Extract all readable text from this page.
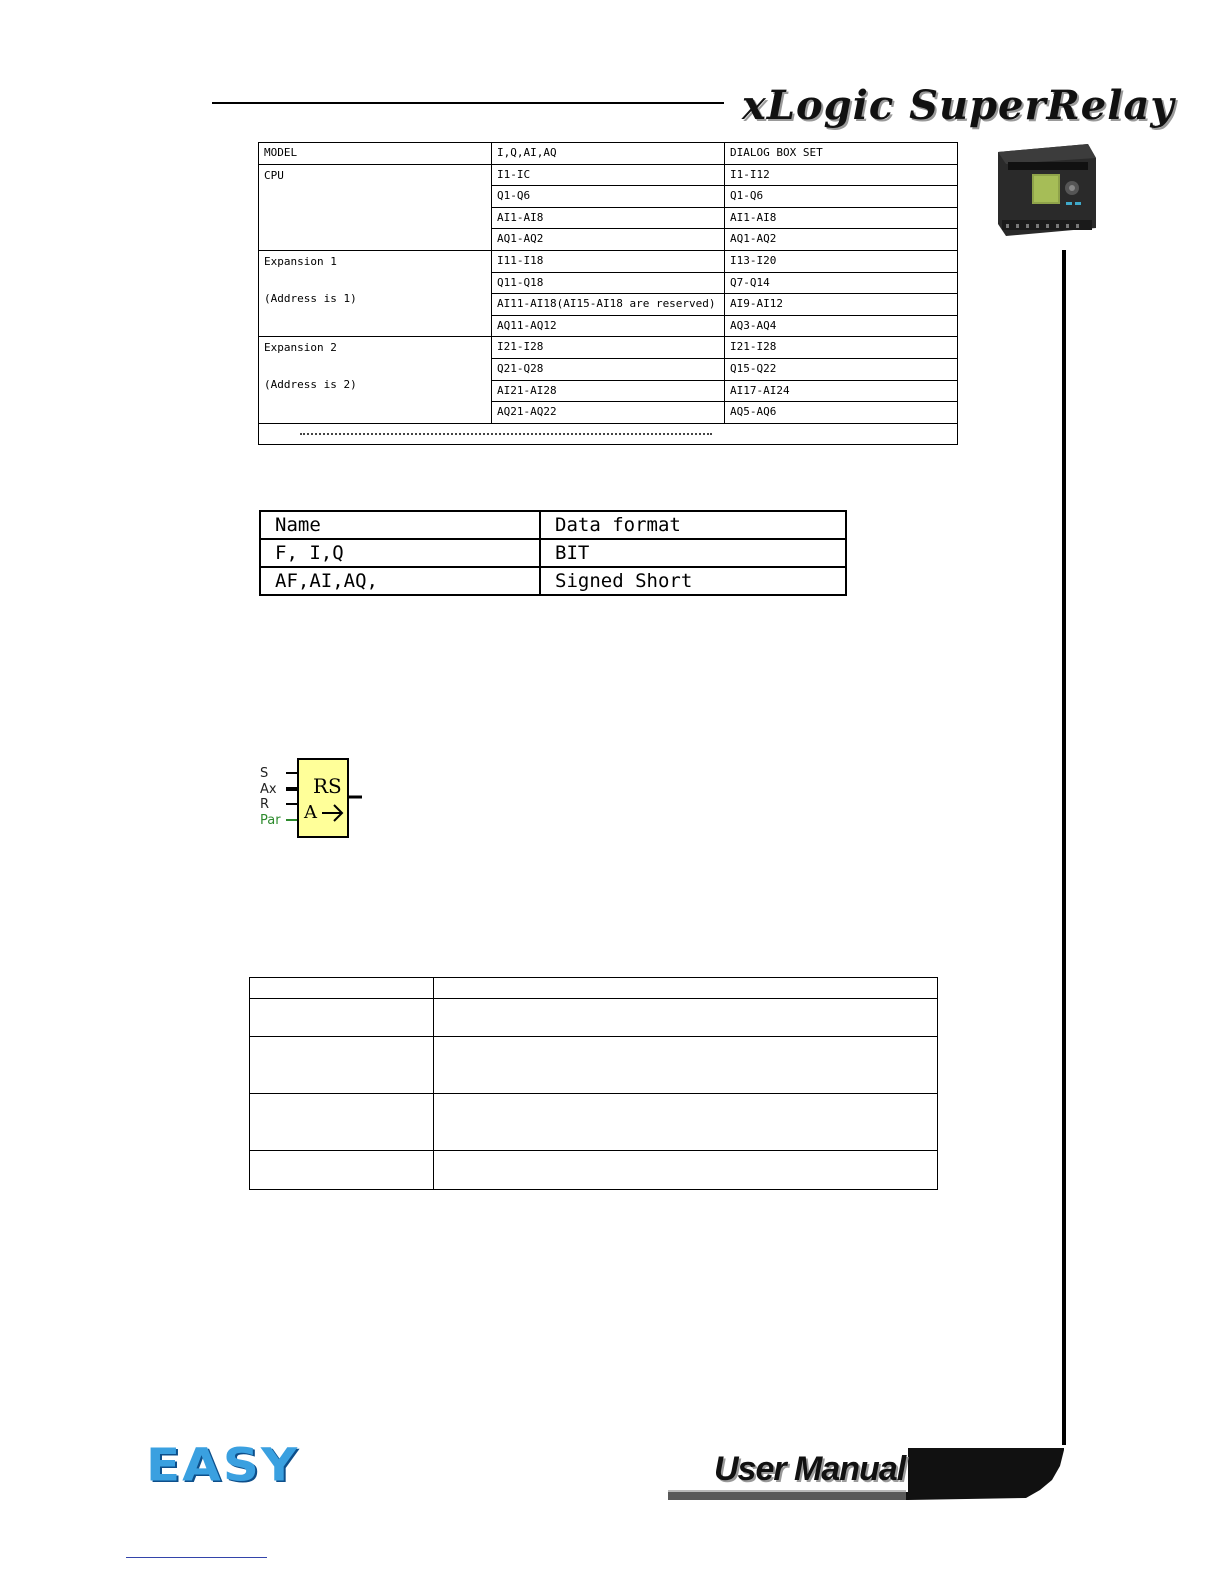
xLogic SuperRelay
MODEL	I,Q,AI,AQ	DIALOG BOX SET

CPU	I1-IC	I1-I12
	Q1-Q6	Q1-Q6
	AI1-AI8	AI1-AI8
	AQ1-AQ2	AQ1-AQ2

Expansion 1
(Address is 1)	I11-I18	I13-I20
	Q11-Q18	Q7-Q14
	AI11-AI18(AI15-AI18 are reserved)	AI9-AI12
	AQ11-AQ12	AQ3-AQ4

Expansion 2
(Address is 2)	I21-I28	I21-I28
	Q21-Q28	Q15-Q22
	AI21-AI28	AI17-AI24
	AQ21-AQ22	AQ5-AQ6

Name	Data format
F, I,Q	BIT
AF,AI,AQ,	Signed Short
S
Ax
R
Par
RS
A

EASY	User Manual
